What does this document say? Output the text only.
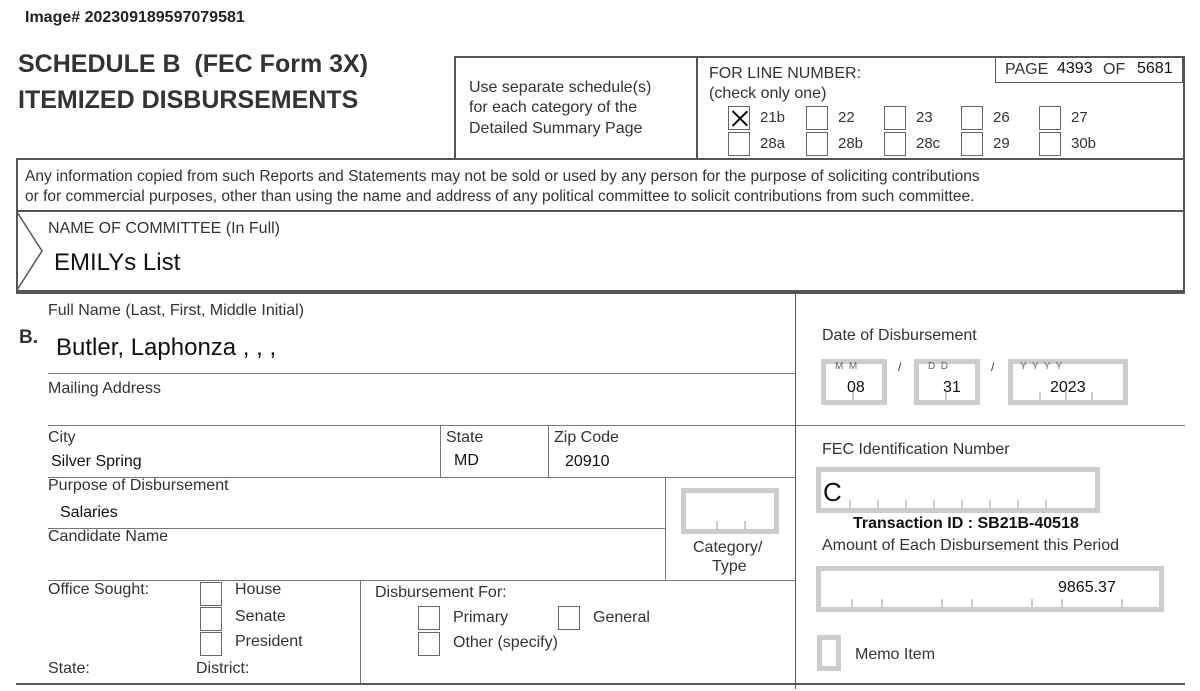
Image# 202309189597079581
SCHEDULE B  (FEC Form 3X)
ITEMIZED DISBURSEMENTS	Use separate schedule(s)
for each category of the
Detailed Summary Page
FOR LINE NUMBER:
(check only one)
PAGE 4393 OF 5681
21b	22	23	26	27
28a	28b	28c	29	30b
Any information copied from such Reports and Statements may not be sold or used by any person for the purpose of soliciting contributions
or for commercial purposes, other than using the name and address of any political committee to solicit contributions from such committee.
NAME OF COMMITTEE (In Full)
EMILYs List
B.
Full Name (Last, First, Middle Initial)
Butler, Laphonza , , ,
Mailing Address
City
Silver Spring
State
MD
Zip Code
20910
Purpose of Disbursement
Salaries
Candidate Name
Category/
Type
Office Sought:	House
Senate
President
State:	District:
Disbursement For:
Primary	General
Other (specify)
Date of Disbursement
M  M
08
/	D  D
31
/	Y  Y  Y  Y
2023
FEC Identification Number
C
Transaction ID : SB21B-40518
Amount of Each Disbursement this Period
9865.37
Memo Item
